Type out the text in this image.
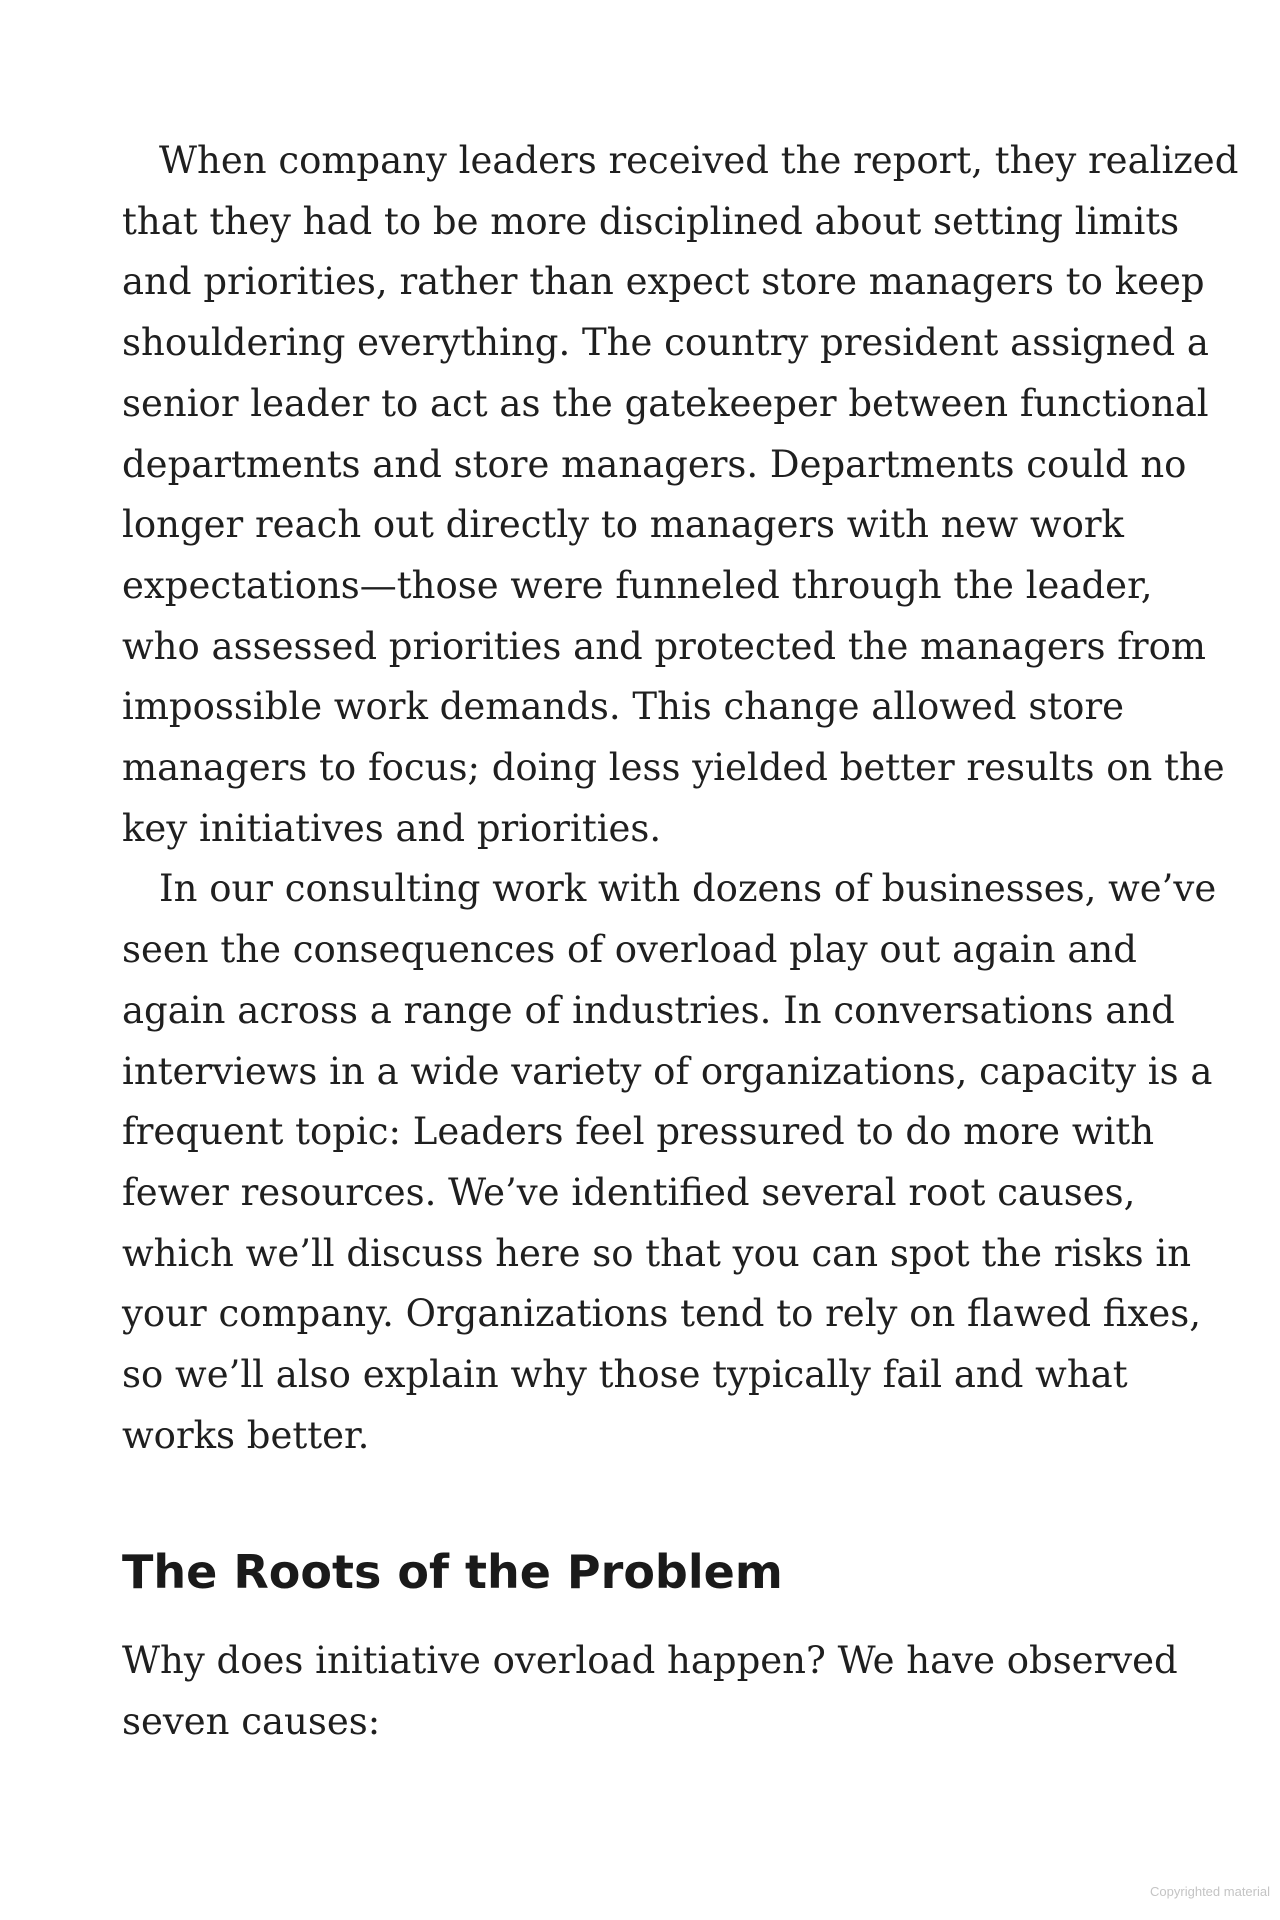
When company leaders received the report, they realized
that they had to be more disciplined about setting limits
and priorities, rather than expect store managers to keep
shouldering everything. The country president assigned a
senior leader to act as the gatekeeper between functional
departments and store managers. Departments could no
longer reach out directly to managers with new work
expectations—those were funneled through the leader,
who assessed priorities and protected the managers from
impossible work demands. This change allowed store
managers to focus; doing less yielded better results on the
key initiatives and priorities.
In our consulting work with dozens of businesses, we’ve
seen the consequences of overload play out again and
again across a range of industries. In conversations and
interviews in a wide variety of organizations, capacity is a
frequent topic: Leaders feel pressured to do more with
fewer resources. We’ve identified several root causes,
which we’ll discuss here so that you can spot the risks in
your company. Organizations tend to rely on flawed fixes,
so we’ll also explain why those typically fail and what
works better.
The Roots of the Problem
Why does initiative overload happen? We have observed
seven causes:
Copyrighted material
